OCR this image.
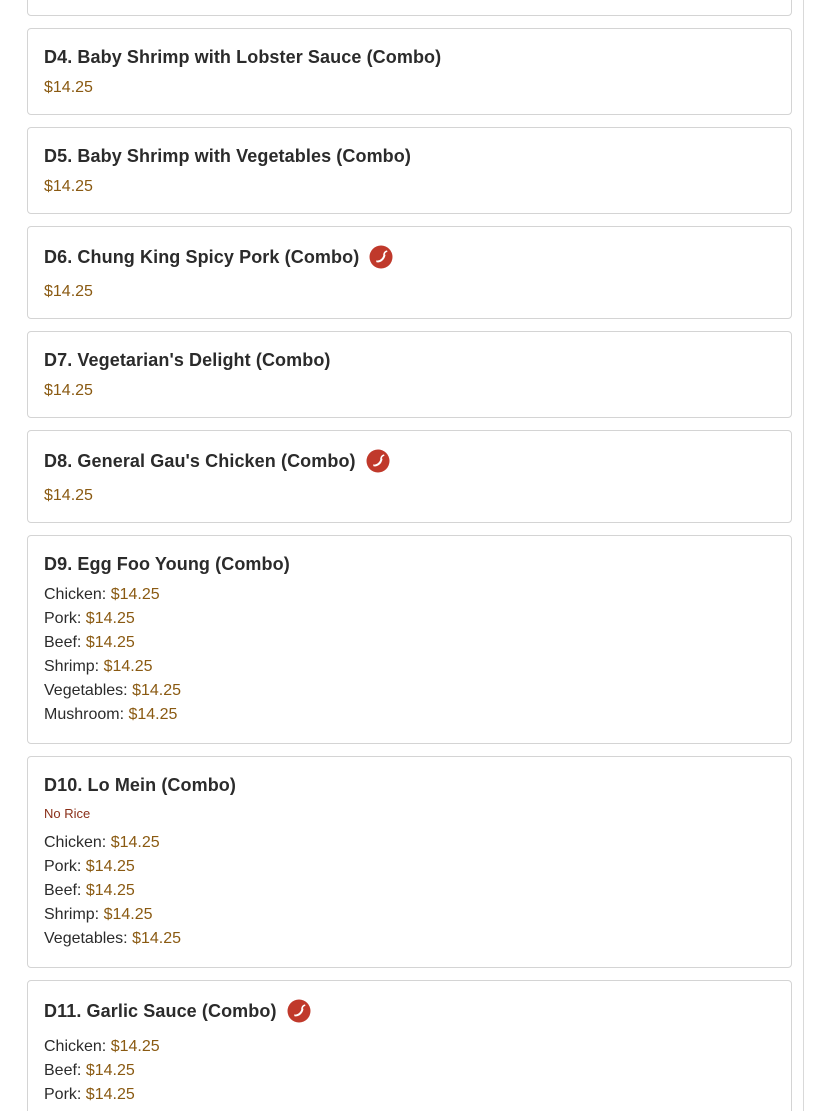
D4. Baby Shrimp with Lobster Sauce (Combo)
$14.25
D5. Baby Shrimp with Vegetables (Combo)
$14.25
D6. Chung King Spicy Pork (Combo)
$14.25
D7. Vegetarian's Delight (Combo)
$14.25
D8. General Gau's Chicken (Combo)
$14.25
D9. Egg Foo Young (Combo)
Chicken: $14.25
Pork: $14.25
Beef: $14.25
Shrimp: $14.25
Vegetables: $14.25
Mushroom: $14.25
D10. Lo Mein (Combo)
No Rice
Chicken: $14.25
Pork: $14.25
Beef: $14.25
Shrimp: $14.25
Vegetables: $14.25
D11. Garlic Sauce (Combo)
Chicken: $14.25
Beef: $14.25
Pork: $14.25
